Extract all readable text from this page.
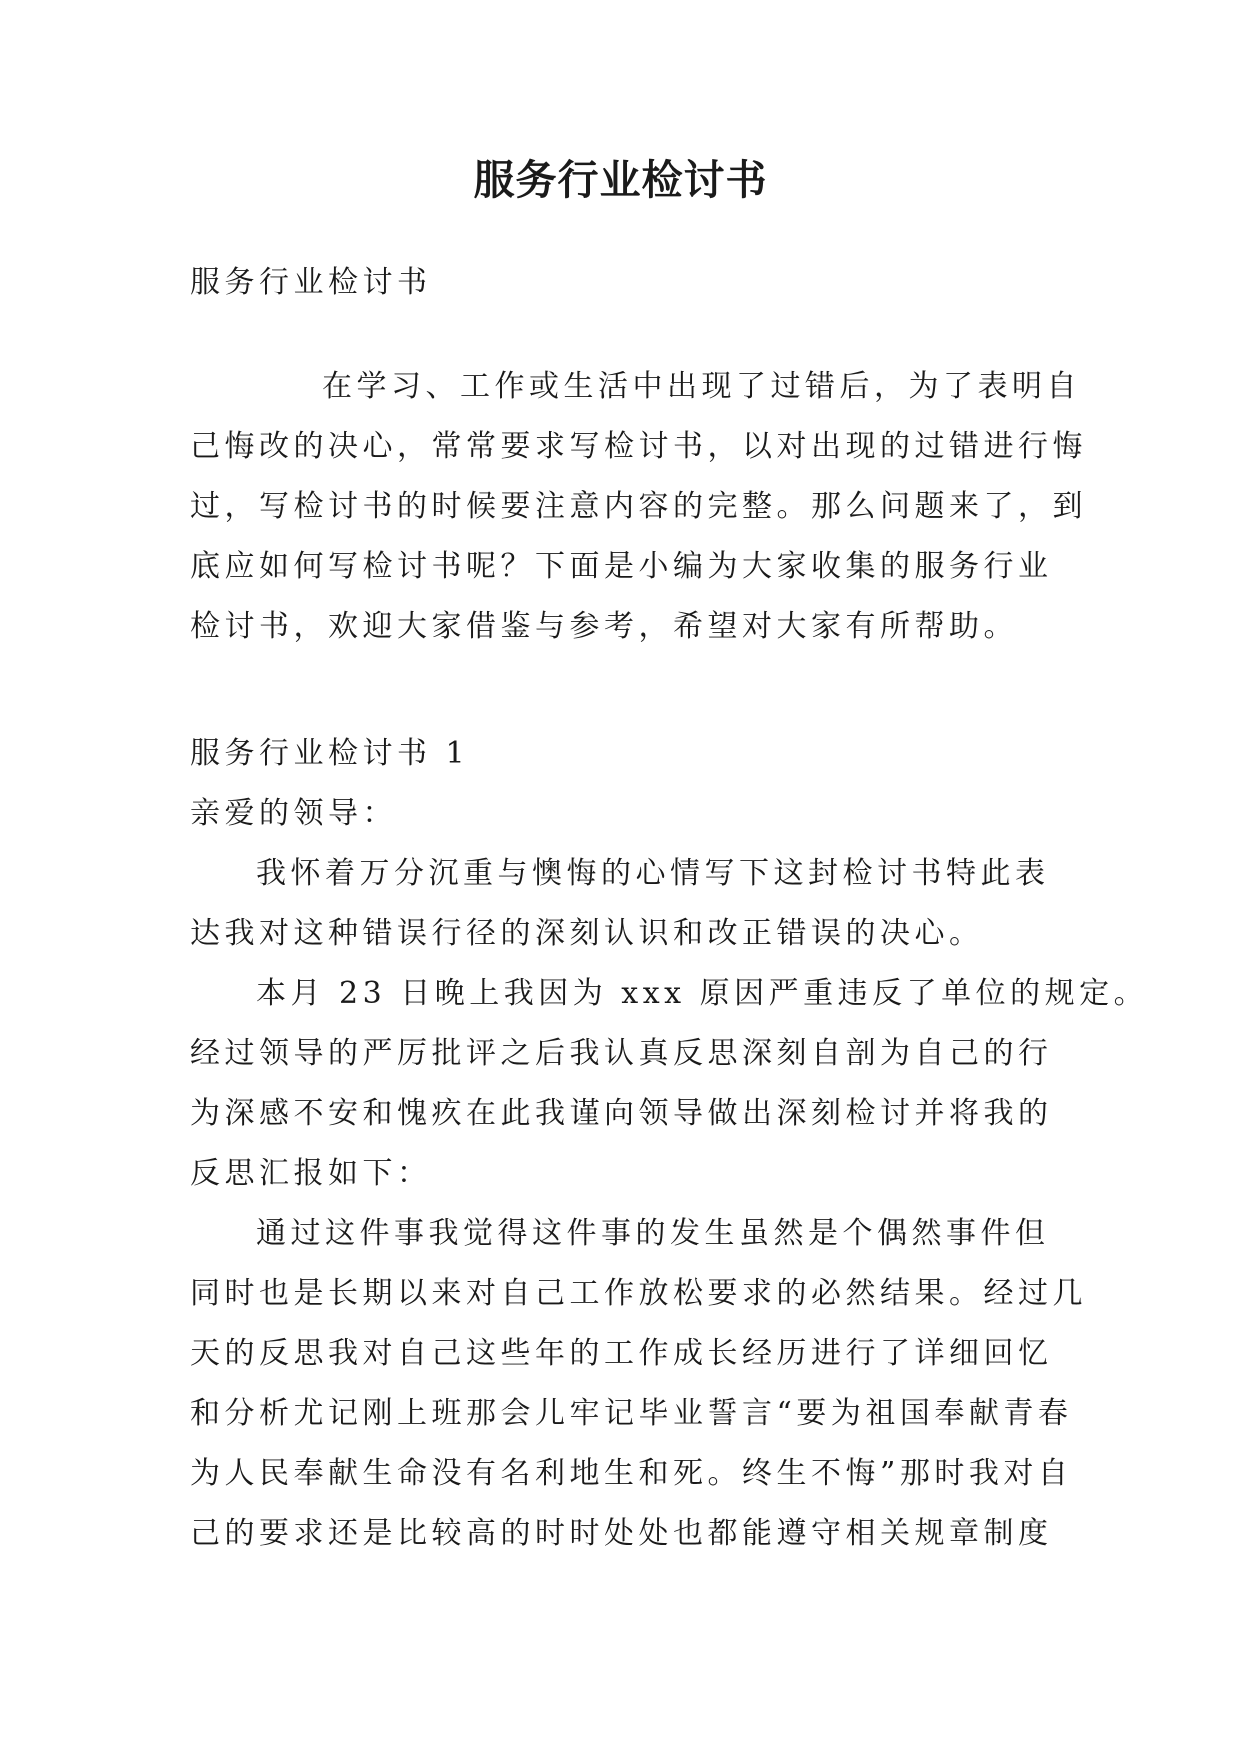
服务行业检讨书
服务行业检讨书
在学习、工作或生活中出现了过错后，为了表明自
己悔改的决心，常常要求写检讨书，以对出现的过错进行悔
过，写检讨书的时候要注意内容的完整。那么问题来了，到
底应如何写检讨书呢？下面是小编为大家收集的服务行业
检讨书，欢迎大家借鉴与参考，希望对大家有所帮助。
服务行业检讨书 1
亲爱的领导：
我怀着万分沉重与懊悔的心情写下这封检讨书特此表
达我对这种错误行径的深刻认识和改正错误的决心。
本月 23 日晚上我因为 xxx 原因严重违反了单位的规定。
经过领导的严厉批评之后我认真反思深刻自剖为自己的行
为深感不安和愧疚在此我谨向领导做出深刻检讨并将我的
反思汇报如下：
通过这件事我觉得这件事的发生虽然是个偶然事件但
同时也是长期以来对自己工作放松要求的必然结果。经过几
天的反思我对自己这些年的工作成长经历进行了详细回忆
和分析尤记刚上班那会儿牢记毕业誓言“要为祖国奉献青春
为人民奉献生命没有名利地生和死。终生不悔”那时我对自
己的要求还是比较高的时时处处也都能遵守相关规章制度
